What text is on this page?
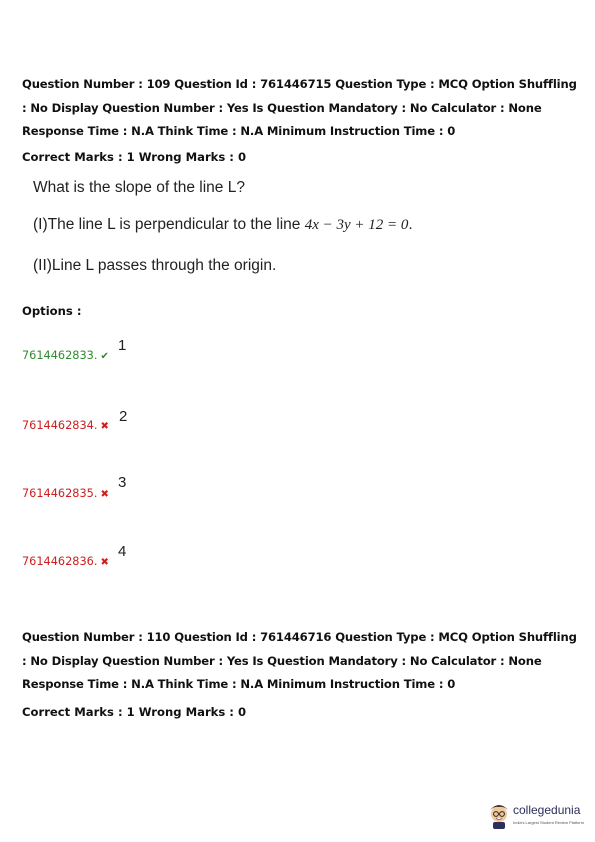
Question Number : 109 Question Id : 761446715 Question Type : MCQ Option Shuffling : No Display Question Number : Yes Is Question Mandatory : No Calculator : None Response Time : N.A Think Time : N.A Minimum Instruction Time : 0
Correct Marks : 1 Wrong Marks : 0
What is the slope of the line L?
(I)The line L is perpendicular to the line 4x − 3y + 12 = 0.
(II)Line L passes through the origin.
Options :
7614462833. ✔
1
7614462834. ✖
2
7614462835. ✖
3
7614462836. ✖
4
Question Number : 110 Question Id : 761446716 Question Type : MCQ Option Shuffling : No Display Question Number : Yes Is Question Mandatory : No Calculator : None Response Time : N.A Think Time : N.A Minimum Instruction Time : 0
Correct Marks : 1 Wrong Marks : 0
collegedunia
India's Largest Student Review Platform
